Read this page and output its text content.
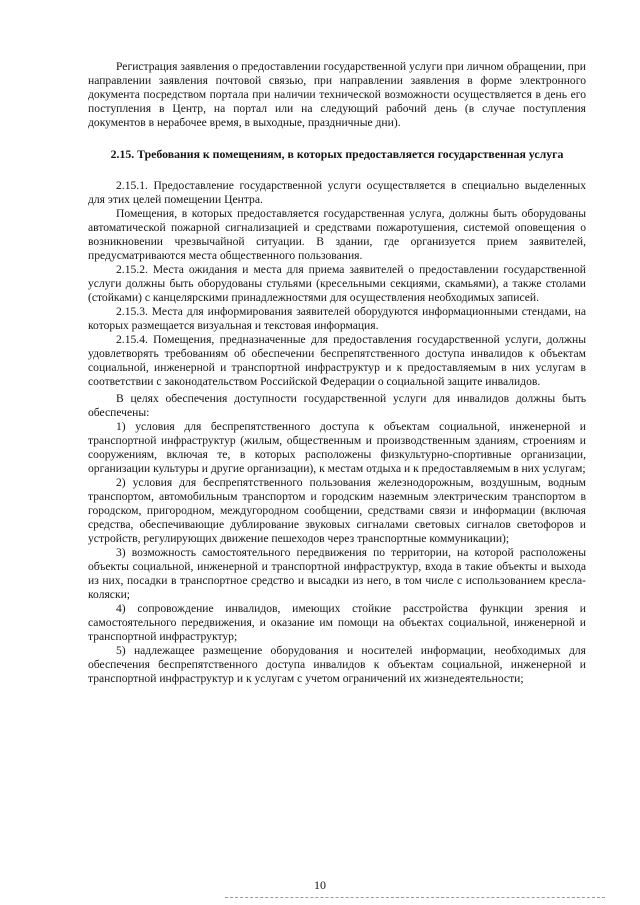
Регистрация заявления о предоставлении государственной услуги при личном обращении, при направлении заявления почтовой связью, при направлении заявления в форме электронного документа посредством портала при наличии технической возможности осуществляется в день его поступления в Центр, на портал или на следующий рабочий день (в случае поступления документов в нерабочее время, в выходные, праздничные дни).

2.15. Требования к помещениям, в которых предоставляется государственная услуга

2.15.1. Предоставление государственной услуги осуществляется в специально выделенных для этих целей помещении Центра.

Помещения, в которых предоставляется государственная услуга, должны быть оборудованы автоматической пожарной сигнализацией и средствами пожаротушения, системой оповещения о возникновении чрезвычайной ситуации. В здании, где организуется прием заявителей, предусматриваются места общественного пользования.

2.15.2. Места ожидания и места для приема заявителей о предоставлении государственной услуги должны быть оборудованы стульями (кресельными секциями, скамьями), а также столами (стойками) с канцелярскими принадлежностями для осуществления необходимых записей.

2.15.3. Места для информирования заявителей оборудуются информационными стендами, на которых размещается визуальная и текстовая информация.

2.15.4. Помещения, предназначенные для предоставления государственной услуги, должны удовлетворять требованиям об обеспечении беспрепятственного доступа инвалидов к объектам социальной, инженерной и транспортной инфраструктур и к предоставляемым в них услугам в соответствии с законодательством Российской Федерации о социальной защите инвалидов.

В целях обеспечения доступности государственной услуги для инвалидов должны быть обеспечены:

1) условия для беспрепятственного доступа к объектам социальной, инженерной и транспортной инфраструктур (жилым, общественным и производственным зданиям, строениям и сооружениям, включая те, в которых расположены физкультурно-спортивные организации, организации культуры и другие организации), к местам отдыха и к предоставляемым в них услугам;

2) условия для беспрепятственного пользования железнодорожным, воздушным, водным транспортом, автомобильным транспортом и городским наземным электрическим транспортом в городском, пригородном, междугородном сообщении, средствами связи и информации (включая средства, обеспечивающие дублирование звуковых сигналами световых сигналов светофоров и устройств, регулирующих движение пешеходов через транспортные коммуникации);

3) возможность самостоятельного передвижения по территории, на которой расположены объекты социальной, инженерной и транспортной инфраструктур, входа в такие объекты и выхода из них, посадки в транспортное средство и высадки из него, в том числе с использованием кресла-коляски;

4) сопровождение инвалидов, имеющих стойкие расстройства функции зрения и самостоятельного передвижения, и оказание им помощи на объектах социальной, инженерной и транспортной инфраструктур;

5) надлежащее размещение оборудования и носителей информации, необходимых для обеспечения беспрепятственного доступа инвалидов к объектам социальной, инженерной и транспортной инфраструктур и к услугам с учетом ограничений их жизнедеятельности;

10
